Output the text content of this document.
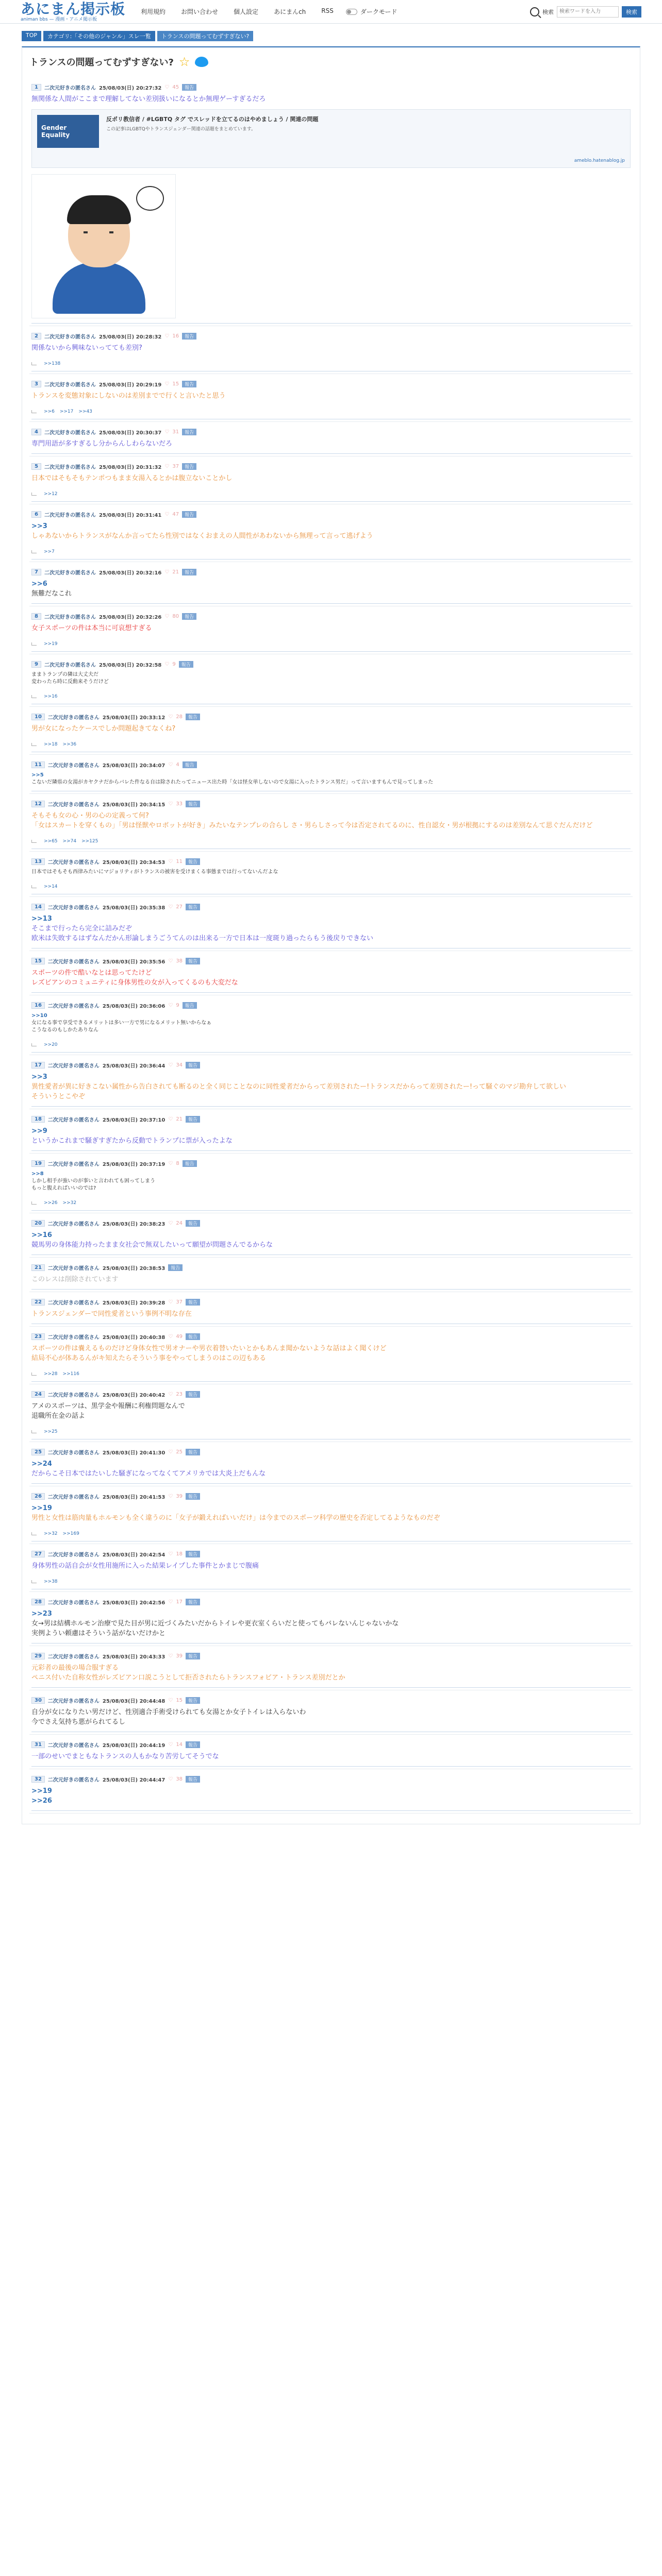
あにまん掲示板
animan bbs — 漫画・アニメ掲示板
利用規約	お問い合わせ	個人設定	あにまんch	RSS	ダークモード	検索
検索ワードを入力	検索
TOP	カテゴリ:「その他のジャンル」スレ一覧	トランスの問題ってむずすぎない?
トランスの問題ってむずすぎない? ☆
1	二次元好きの匿名さん 25/08/03(日) 20:27:32 ♡ 45	報告
無関係な人間がここまで理解してない差別扱いになるとか無理ゲーすぎるだろ
Gender Equality
反ポリ教信者 / #LGBTQ タグ でスレッドを立てるのはやめましょう / 関連の問題
この記事はLGBTQやトランスジェンダー関連の話題をまとめています。
ameblo.hatenablog.jp
2	二次元好きの匿名さん 25/08/03(日) 20:28:32 ♡ 16	報告
関係ないから興味ないってても差別?
>>138
3	二次元好きの匿名さん 25/08/03(日) 20:29:19 ♡ 15	報告
トランスを変態対象にしないのは差別までで行くと言いたと思う
>>6 >>17 >>43
4	二次元好きの匿名さん 25/08/03(日) 20:30:37 ♡ 31	報告
専門用語が多すぎるし分からんしわらないだろ
5	二次元好きの匿名さん 25/08/03(日) 20:31:32 ♡ 37	報告
日本ではそもそもテンポつもまま女湯入るとかは腹立ないことかし
>>12
6	二次元好きの匿名さん 25/08/03(日) 20:31:41 ♡ 47	報告
>>3
しゃあないからトランスがなんか言ってたら性別ではなくおまえの人間性があわないから無理って言って逃げよう
>>7
7	二次元好きの匿名さん 25/08/03(日) 20:32:16 ♡ 21	報告
>>6
無難だなこれ
8	二次元好きの匿名さん 25/08/03(日) 20:32:26 ♡ 80	報告
女子スポーツの件は本当に可哀想すぎる
>>19
9	二次元好きの匿名さん 25/08/03(日) 20:32:58 ♡ 9	報告
ままトランプの隣は大丈夫だ
変わったら時に反動来そうだけど
>>16
10	二次元好きの匿名さん 25/08/03(日) 20:33:12 ♡ 28	報告
男が女になったケースでしか問題起きてなくね?
>>18 >>36
11	二次元好きの匿名さん 25/08/03(日) 20:34:07 ♡ 4	報告
>>5
こないだ隣県の女湯がカヤクナだからバレた件なる自は除されたってニュース出た時「女は怪女単しないので女湯に入ったトランス男だ」って言いますもんで見ってしまった
12	二次元好きの匿名さん 25/08/03(日) 20:34:15 ♡ 33	報告
そもそも女の心・男の心の定義って何?
「女はスカートを穿くもの」「男は怪獣やロボットが好き」みたいなテンプレの合らし さ・男らしさって今は否定されてるのに、性自認女・男が根拠にするのは差別なんて思ぐだんだけど
>>65 >>74 >>125
13	二次元好きの匿名さん 25/08/03(日) 20:34:53 ♡ 11	報告
日本ではそもそも西律みたいにマジョリティがトランスの被害を受けまくる事態までは行ってないんだよな
>>14
14	二次元好きの匿名さん 25/08/03(日) 20:35:38 ♡ 27	報告
>>13
そこまで行ったら完全に詰みだぞ
欧米は失敗するはずなんだかん形論しまうごうてんのは出来る一方で日本は一度斑り過ったらもう後戻りできない
15	二次元好きの匿名さん 25/08/03(日) 20:35:56 ♡ 38	報告
スポーツの件で酷いなとは思ってたけど
レズビアンのコミュニティに身体男性の女が入ってくるのも大変だな
16	二次元好きの匿名さん 25/08/03(日) 20:36:06 ♡ 9	報告
>>10
女になる事で享受できるメリットは多い一方で男になるメリット無いからなぁ
こうなるのもしかたありなん
>>20
17	二次元好きの匿名さん 25/08/03(日) 20:36:44 ♡ 34	報告
>>3
異性愛者が異に好きこない属性から告白されても断るのと全く同じことなのに同性愛者だからって差別されたー!トランスだからって差別されたー!って騒ぐのマジ勘弁して欲しい
そういうとこやぞ
18	二次元好きの匿名さん 25/08/03(日) 20:37:10 ♡ 21	報告
>>9
というかこれまで騒ぎすぎたから反動でトランプに票が入ったよな
19	二次元好きの匿名さん 25/08/03(日) 20:37:19 ♡ 8	報告
>>8
しかし相手が強いのが事いと言われても困ってしまう
もっと腹えればいいのでは?
>>26 >>32
20	二次元好きの匿名さん 25/08/03(日) 20:38:23 ♡ 24	報告
>>16
競馬男の身体能力持ったまま女社会で無双したいって願望が問題さんでるからな
21	二次元好きの匿名さん 25/08/03(日) 20:38:53	報告
このレスは削除されています
22	二次元好きの匿名さん 25/08/03(日) 20:39:28 ♡ 37	報告
トランスジェンダーで同性愛者という事例不明な存在
23	二次元好きの匿名さん 25/08/03(日) 20:40:38 ♡ 49	報告
スポーツの件は嚢えるものだけど身体女性で男オナーや男衣着替いたいとかもあんま聞かないような話はよく聞くけど
結局不心が体あるんがキ知えたらそういう事をやってしまうのはこの辺もある
>>28 >>116
24	二次元好きの匿名さん 25/08/03(日) 20:40:42 ♡ 23	報告
アメのスポーツは、黒学金や報酬に利権問題なんで
退職所在金の話よ
>>25
25	二次元好きの匿名さん 25/08/03(日) 20:41:30 ♡ 25	報告
>>24
だからこそ日本ではたいした騒ぎになってなくてアメリカでは大炎上だもんな
26	二次元好きの匿名さん 25/08/03(日) 20:41:53 ♡ 39	報告
>>19
男性と女性は筋肉量もホルモンも全く違うのに「女子が鍛えればいいだけ」は今までのスポーツ科学の歴史を否定してるようなものだぞ
>>32 >>169
27	二次元好きの匿名さん 25/08/03(日) 20:42:54 ♡ 18	報告
身体男性の話自会が女性用施所に入った結果レイプした事件とかまじで腹痛
>>38
28	二次元好きの匿名さん 25/08/03(日) 20:42:56 ♡ 17	報告
>>23
女→男は結構ホルモン治療で見た目が男に近づくみたいだからトイレや更衣室くらいだと使ってもバレないんじゃないかな
実例ようい頼慮はそういう話がないだけかと
29	二次元好きの匿名さん 25/08/03(日) 20:43:33 ♡ 39	報告
元彩者の最後の場合服すぎる
ペニス付いた自称女性がレズビアン口説こうとして拒否されたらトランスフォビア・トランス差別だとか
30	二次元好きの匿名さん 25/08/03(日) 20:44:48 ♡ 15	報告
自分が女になりたい男だけど、性別適合手術受けられても女湯とか女子トイレは入らないわ
今でさえ気持ち悪がられてるし
31	二次元好きの匿名さん 25/08/03(日) 20:44:19 ♡ 14	報告
一部のせいでまともなトランスの人もかなり苦労してそうでな
32	二次元好きの匿名さん 25/08/03(日) 20:44:47 ♡ 38	報告
>>19
>>26
